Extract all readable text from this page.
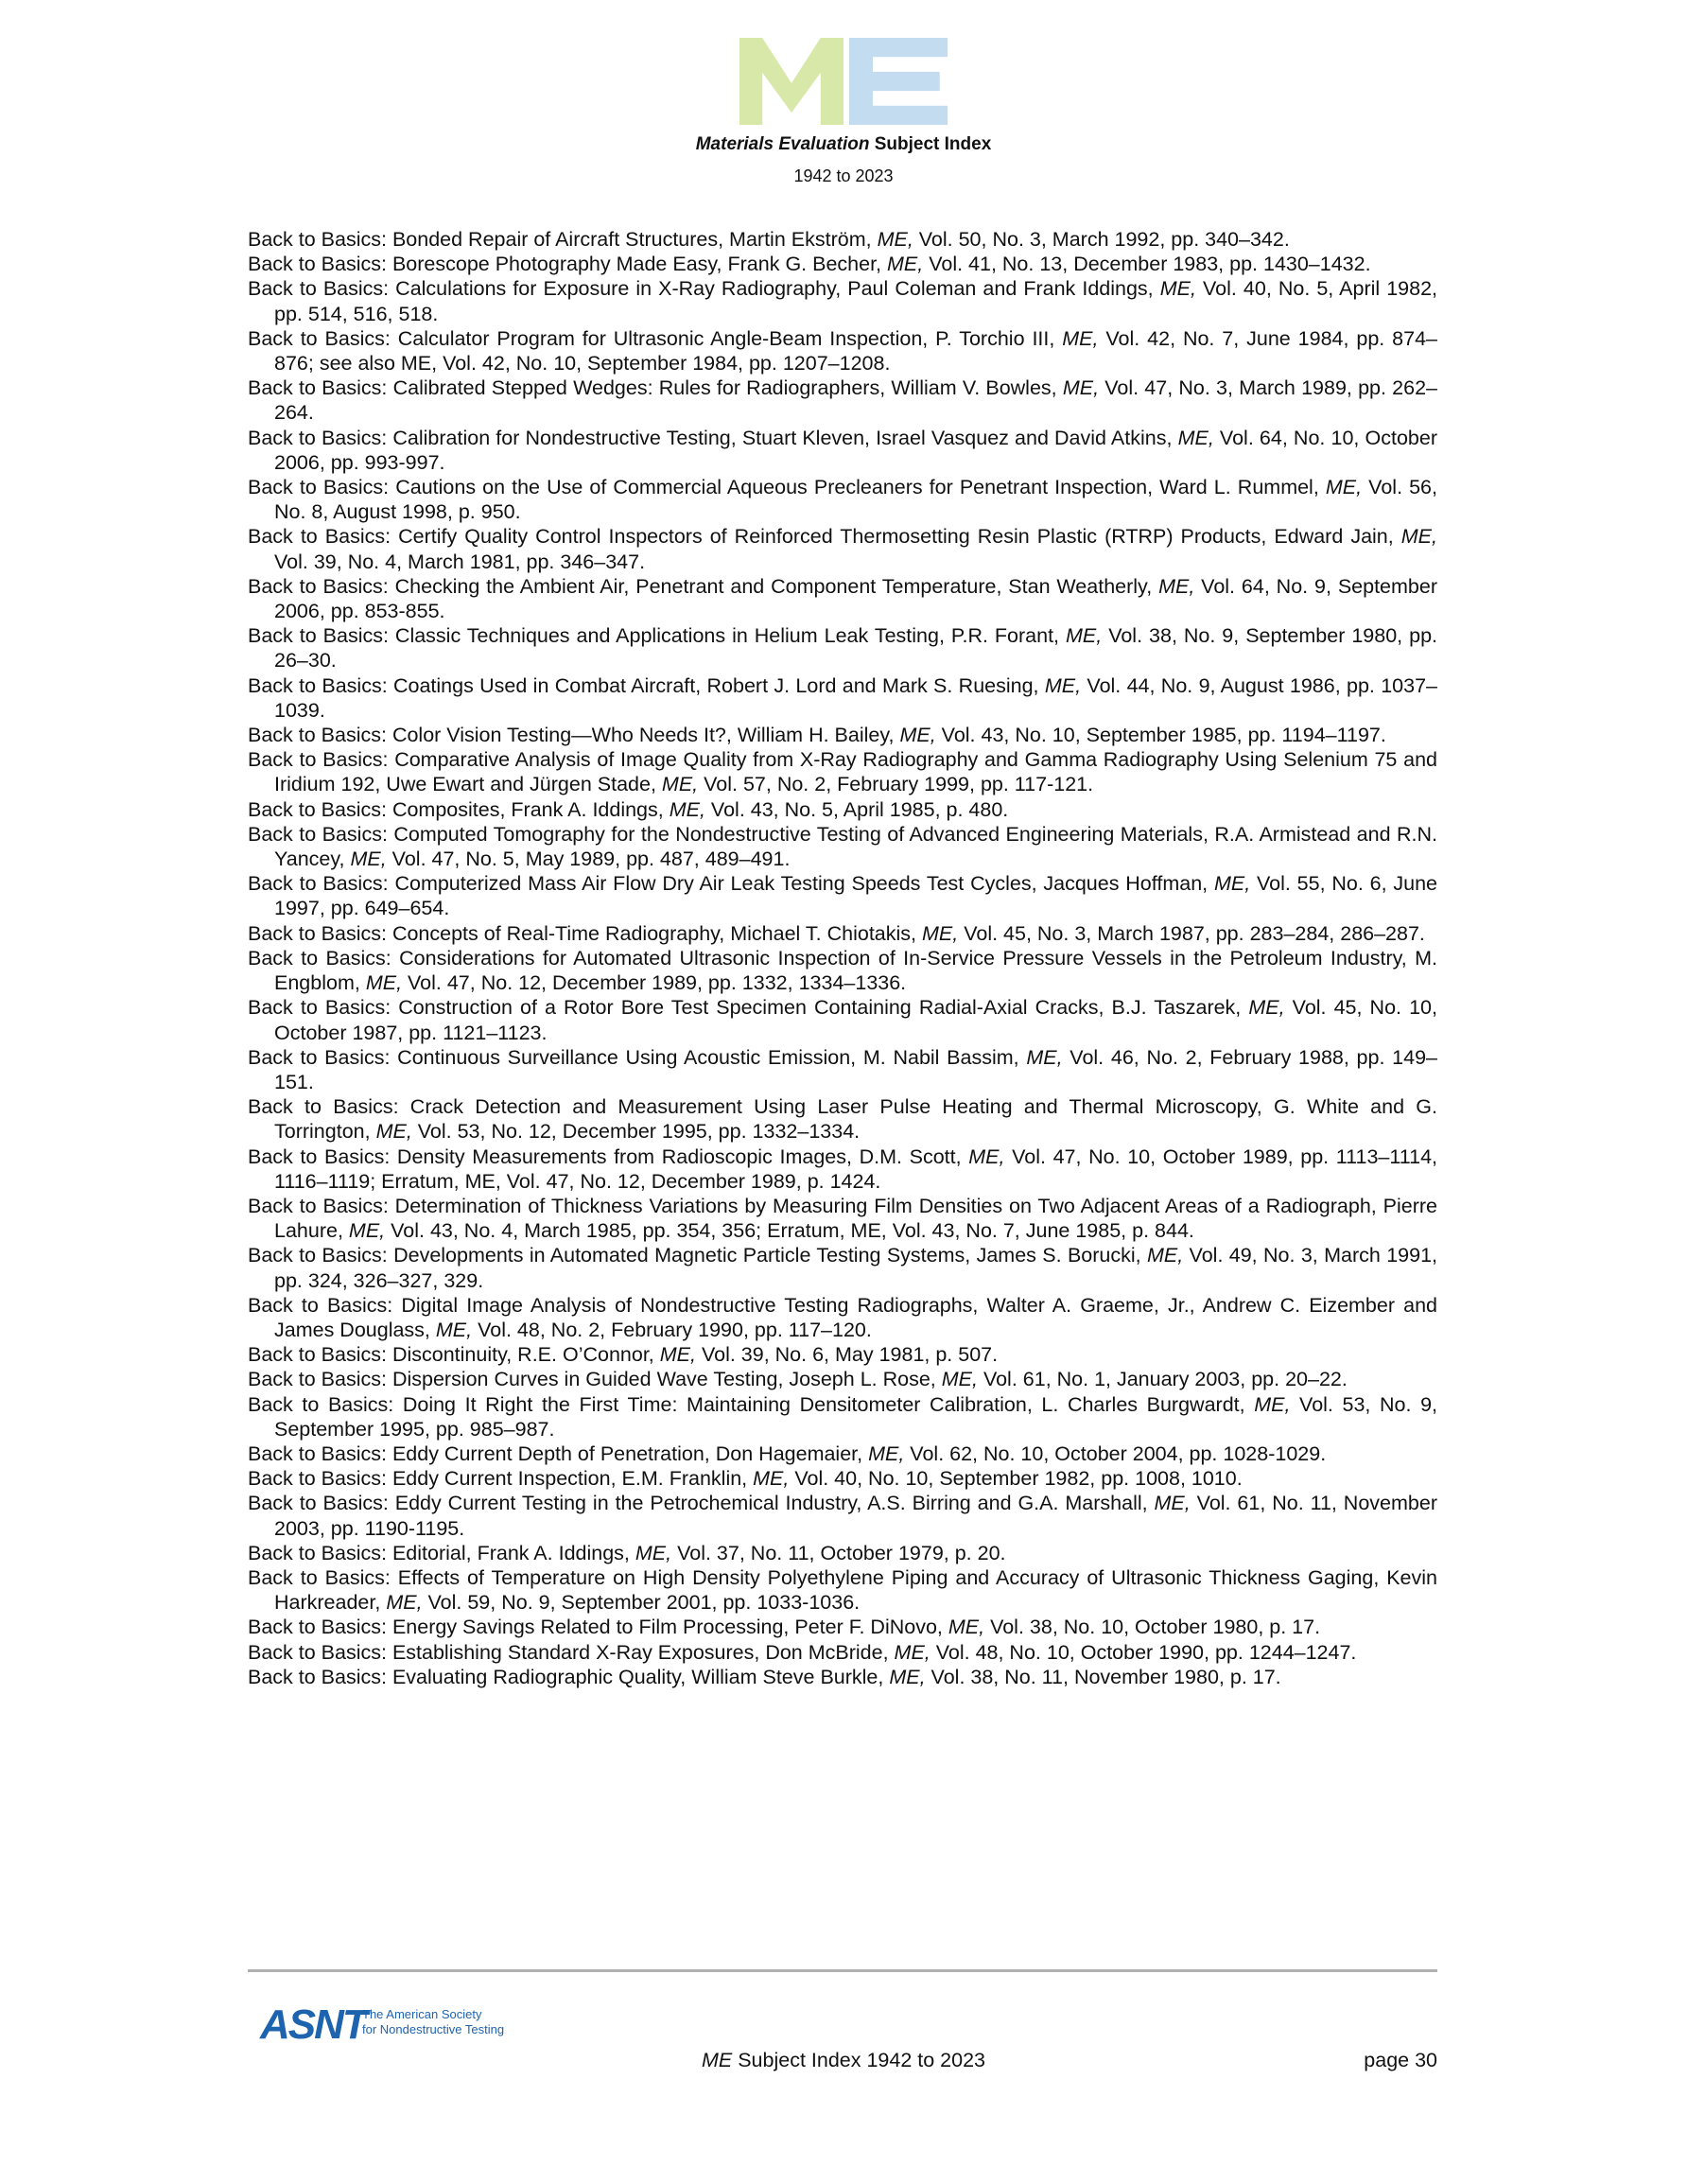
Materials Evaluation Subject Index
1942 to 2023
Back to Basics: Bonded Repair of Aircraft Structures, Martin Ekström, ME, Vol. 50, No. 3, March 1992, pp. 340–342.
Back to Basics: Borescope Photography Made Easy, Frank G. Becher, ME, Vol. 41, No. 13, December 1983, pp. 1430–1432.
Back to Basics: Calculations for Exposure in X-Ray Radiography, Paul Coleman and Frank Iddings, ME, Vol. 40, No. 5, April 1982, pp. 514, 516, 518.
Back to Basics: Calculator Program for Ultrasonic Angle-Beam Inspection, P. Torchio III, ME, Vol. 42, No. 7, June 1984, pp. 874–876; see also ME, Vol. 42, No. 10, September 1984, pp. 1207–1208.
Back to Basics: Calibrated Stepped Wedges: Rules for Radiographers, William V. Bowles, ME, Vol. 47, No. 3, March 1989, pp. 262–264.
Back to Basics: Calibration for Nondestructive Testing, Stuart Kleven, Israel Vasquez and David Atkins, ME, Vol. 64, No. 10, October 2006, pp. 993-997.
Back to Basics: Cautions on the Use of Commercial Aqueous Precleaners for Penetrant Inspection, Ward L. Rummel, ME, Vol. 56, No. 8, August 1998, p. 950.
Back to Basics: Certify Quality Control Inspectors of Reinforced Thermosetting Resin Plastic (RTRP) Products, Edward Jain, ME, Vol. 39, No. 4, March 1981, pp. 346–347.
Back to Basics: Checking the Ambient Air, Penetrant and Component Temperature, Stan Weatherly, ME, Vol. 64, No. 9, September 2006, pp. 853-855.
Back to Basics: Classic Techniques and Applications in Helium Leak Testing, P.R. Forant, ME, Vol. 38, No. 9, September 1980, pp. 26–30.
Back to Basics: Coatings Used in Combat Aircraft, Robert J. Lord and Mark S. Ruesing, ME, Vol. 44, No. 9, August 1986, pp. 1037–1039.
Back to Basics: Color Vision Testing—Who Needs It?, William H. Bailey, ME, Vol. 43, No. 10, September 1985, pp. 1194–1197.
Back to Basics: Comparative Analysis of Image Quality from X-Ray Radiography and Gamma Radiography Using Selenium 75 and Iridium 192, Uwe Ewart and Jürgen Stade, ME, Vol. 57, No. 2, February 1999, pp. 117-121.
Back to Basics: Composites, Frank A. Iddings, ME, Vol. 43, No. 5, April 1985, p. 480.
Back to Basics: Computed Tomography for the Nondestructive Testing of Advanced Engineering Materials, R.A. Armistead and R.N. Yancey, ME, Vol. 47, No. 5, May 1989, pp. 487, 489–491.
Back to Basics: Computerized Mass Air Flow Dry Air Leak Testing Speeds Test Cycles, Jacques Hoffman, ME, Vol. 55, No. 6, June 1997, pp. 649–654.
Back to Basics: Concepts of Real-Time Radiography, Michael T. Chiotakis, ME, Vol. 45, No. 3, March 1987, pp. 283–284, 286–287.
Back to Basics: Considerations for Automated Ultrasonic Inspection of In-Service Pressure Vessels in the Petroleum Industry, M. Engblom, ME, Vol. 47, No. 12, December 1989, pp. 1332, 1334–1336.
Back to Basics: Construction of a Rotor Bore Test Specimen Containing Radial-Axial Cracks, B.J. Taszarek, ME, Vol. 45, No. 10, October 1987, pp. 1121–1123.
Back to Basics: Continuous Surveillance Using Acoustic Emission, M. Nabil Bassim, ME, Vol. 46, No. 2, February 1988, pp. 149–151.
Back to Basics: Crack Detection and Measurement Using Laser Pulse Heating and Thermal Microscopy, G. White and G. Torrington, ME, Vol. 53, No. 12, December 1995, pp. 1332–1334.
Back to Basics: Density Measurements from Radioscopic Images, D.M. Scott, ME, Vol. 47, No. 10, October 1989, pp. 1113–1114, 1116–1119; Erratum, ME, Vol. 47, No. 12, December 1989, p. 1424.
Back to Basics: Determination of Thickness Variations by Measuring Film Densities on Two Adjacent Areas of a Radiograph, Pierre Lahure, ME, Vol. 43, No. 4, March 1985, pp. 354, 356; Erratum, ME, Vol. 43, No. 7, June 1985, p. 844.
Back to Basics: Developments in Automated Magnetic Particle Testing Systems, James S. Borucki, ME, Vol. 49, No. 3, March 1991, pp. 324, 326–327, 329.
Back to Basics: Digital Image Analysis of Nondestructive Testing Radiographs, Walter A. Graeme, Jr., Andrew C. Eizember and James Douglass, ME, Vol. 48, No. 2, February 1990, pp. 117–120.
Back to Basics: Discontinuity, R.E. O’Connor, ME, Vol. 39, No. 6, May 1981, p. 507.
Back to Basics: Dispersion Curves in Guided Wave Testing, Joseph L. Rose, ME, Vol. 61, No. 1, January 2003, pp. 20–22.
Back to Basics: Doing It Right the First Time: Maintaining Densitometer Calibration, L. Charles Burgwardt, ME, Vol. 53, No. 9, September 1995, pp. 985–987.
Back to Basics: Eddy Current Depth of Penetration, Don Hagemaier, ME, Vol. 62, No. 10, October 2004, pp. 1028-1029.
Back to Basics: Eddy Current Inspection, E.M. Franklin, ME, Vol. 40, No. 10, September 1982, pp. 1008, 1010.
Back to Basics: Eddy Current Testing in the Petrochemical Industry, A.S. Birring and G.A. Marshall, ME, Vol. 61, No. 11, November 2003, pp. 1190-1195.
Back to Basics: Editorial, Frank A. Iddings, ME, Vol. 37, No. 11, October 1979, p. 20.
Back to Basics: Effects of Temperature on High Density Polyethylene Piping and Accuracy of Ultrasonic Thickness Gaging, Kevin Harkreader, ME, Vol. 59, No. 9, September 2001, pp. 1033-1036.
Back to Basics: Energy Savings Related to Film Processing, Peter F. DiNovo, ME, Vol. 38, No. 10, October 1980, p. 17.
Back to Basics: Establishing Standard X-Ray Exposures, Don McBride, ME, Vol. 48, No. 10, October 1990, pp. 1244–1247.
Back to Basics: Evaluating Radiographic Quality, William Steve Burkle, ME, Vol. 38, No. 11, November 1980, p. 17.
ASNT
The American Society
for Nondestructive Testing
ME Subject Index 1942 to 2023	page 30
